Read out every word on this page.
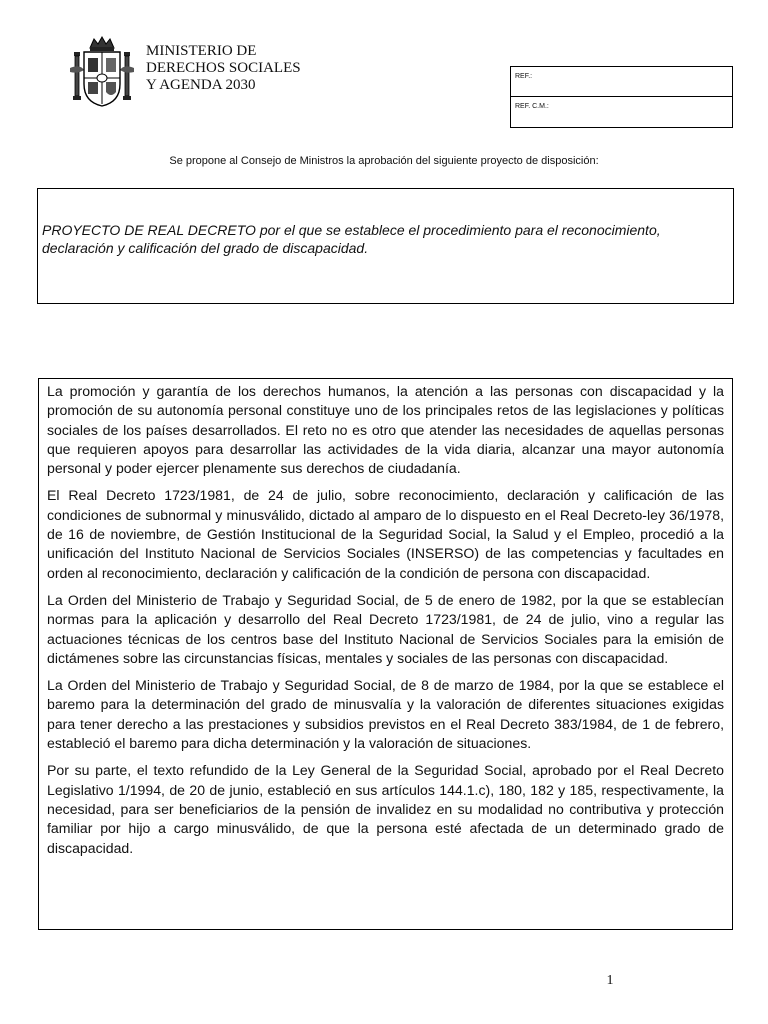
MINISTERIO DE
DERECHOS SOCIALES
Y AGENDA 2030
REF.:
REF. C.M.:
Se propone al Consejo de Ministros la aprobación del siguiente proyecto de disposición:
PROYECTO DE REAL DECRETO por el que se establece el procedimiento para el reconocimiento, declaración y calificación del grado de discapacidad.

La promoción y garantía de los derechos humanos, la atención a las personas con discapacidad y la promoción de su autonomía personal constituye uno de los principales retos de las legislaciones y políticas sociales de los países desarrollados. El reto no es otro que atender las necesidades de aquellas personas que requieren apoyos para desarrollar las actividades de la vida diaria, alcanzar una mayor autonomía personal y poder ejercer plenamente sus derechos de ciudadanía.

El Real Decreto 1723/1981, de 24 de julio, sobre reconocimiento, declaración y calificación de las condiciones de subnormal y minusválido, dictado al amparo de lo dispuesto en el Real Decreto-ley 36/1978, de 16 de noviembre, de Gestión Institucional de la Seguridad Social, la Salud y el Empleo, procedió a la unificación del Instituto Nacional de Servicios Sociales (INSERSO) de las competencias y facultades en orden al reconocimiento, declaración y calificación de la condición de persona con discapacidad.

La Orden del Ministerio de Trabajo y Seguridad Social, de 5 de enero de 1982, por la que se establecían normas para la aplicación y desarrollo del Real Decreto 1723/1981, de 24 de julio, vino a regular las actuaciones técnicas de los centros base del Instituto Nacional de Servicios Sociales para la emisión de dictámenes sobre las circunstancias físicas, mentales y sociales de las personas con discapacidad.

La Orden del Ministerio de Trabajo y Seguridad Social, de 8 de marzo de 1984, por la que se establece el baremo para la determinación del grado de minusvalía y la valoración de diferentes situaciones exigidas para tener derecho a las prestaciones y subsidios previstos en el Real Decreto 383/1984, de 1 de febrero, estableció el baremo para dicha determinación y la valoración de situaciones.

Por su parte, el texto refundido de la Ley General de la Seguridad Social, aprobado por el Real Decreto Legislativo 1/1994, de 20 de junio, estableció en sus artículos 144.1.c), 180, 182 y 185, respectivamente, la necesidad, para ser beneficiarios de la pensión de invalidez en su modalidad no contributiva y protección familiar por hijo a cargo minusválido, de que la persona esté afectada de un determinado grado de discapacidad.

1
